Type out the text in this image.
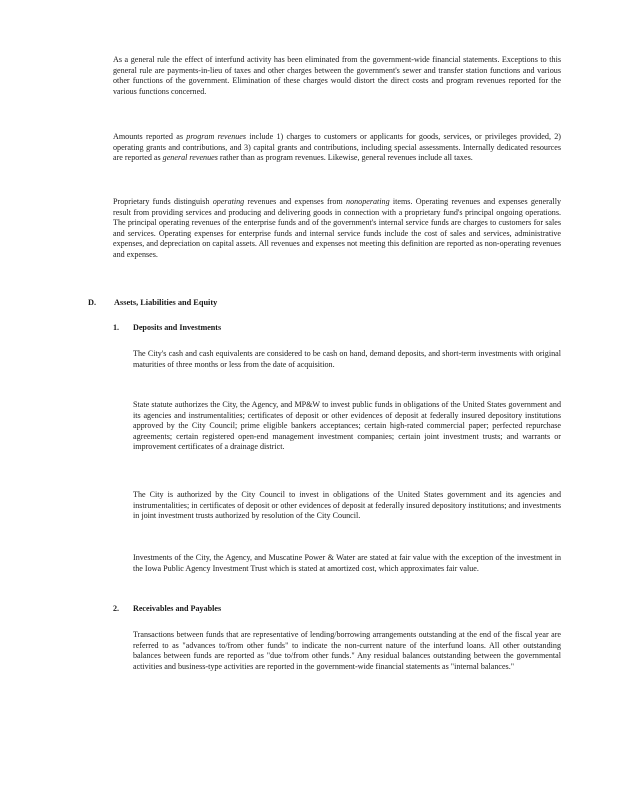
As a general rule the effect of interfund activity has been eliminated from the government-wide financial statements. Exceptions to this general rule are payments-in-lieu of taxes and other charges between the government's sewer and transfer station functions and various other functions of the government. Elimination of these charges would distort the direct costs and program revenues reported for the various functions concerned.

Amounts reported as program revenues include 1) charges to customers or applicants for goods, services, or privileges provided, 2) operating grants and contributions, and 3) capital grants and contributions, including special assessments. Internally dedicated resources are reported as general revenues rather than as program revenues. Likewise, general revenues include all taxes.

Proprietary funds distinguish operating revenues and expenses from nonoperating items. Operating revenues and expenses generally result from providing services and producing and delivering goods in connection with a proprietary fund's principal ongoing operations. The principal operating revenues of the enterprise funds and of the government's internal service funds are charges to customers for sales and services. Operating expenses for enterprise funds and internal service funds include the cost of sales and services, administrative expenses, and depreciation on capital assets. All revenues and expenses not meeting this definition are reported as non-operating revenues and expenses.

D. Assets, Liabilities and Equity
1. Deposits and Investments

The City's cash and cash equivalents are considered to be cash on hand, demand deposits, and short-term investments with original maturities of three months or less from the date of acquisition.

State statute authorizes the City, the Agency, and MP&W to invest public funds in obligations of the United States government and its agencies and instrumentalities; certificates of deposit or other evidences of deposit at federally insured depository institutions approved by the City Council; prime eligible bankers acceptances; certain high-rated commercial paper; perfected repurchase agreements; certain registered open-end management investment companies; certain joint investment trusts; and warrants or improvement certificates of a drainage district.

The City is authorized by the City Council to invest in obligations of the United States government and its agencies and instrumentalities; in certificates of deposit or other evidences of deposit at federally insured depository institutions; and investments in joint investment trusts authorized by resolution of the City Council.

Investments of the City, the Agency, and Muscatine Power & Water are stated at fair value with the exception of the investment in the Iowa Public Agency Investment Trust which is stated at amortized cost, which approximates fair value.

2. Receivables and Payables

Transactions between funds that are representative of lending/borrowing arrangements outstanding at the end of the fiscal year are referred to as "advances to/from other funds" to indicate the non-current nature of the interfund loans. All other outstanding balances between funds are reported as "due to/from other funds." Any residual balances outstanding between the governmental activities and business-type activities are reported in the government-wide financial statements as "internal balances."
